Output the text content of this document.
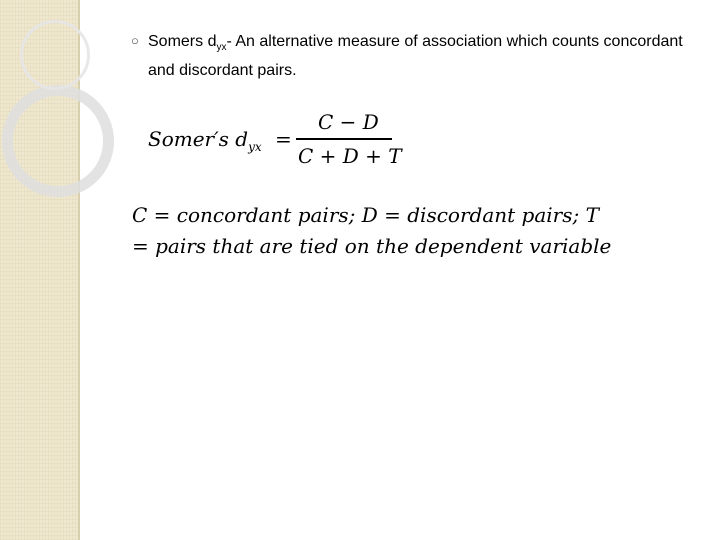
○ Somers $d_{yx}-$ An alternative measure of association which counts concordant and discordant pairs.
Somer′s $d_{yx}$ =
C − D
C + D + T
C = concordant pairs; D = discordant pairs; T
= pairs that are tied on the dependent variable
